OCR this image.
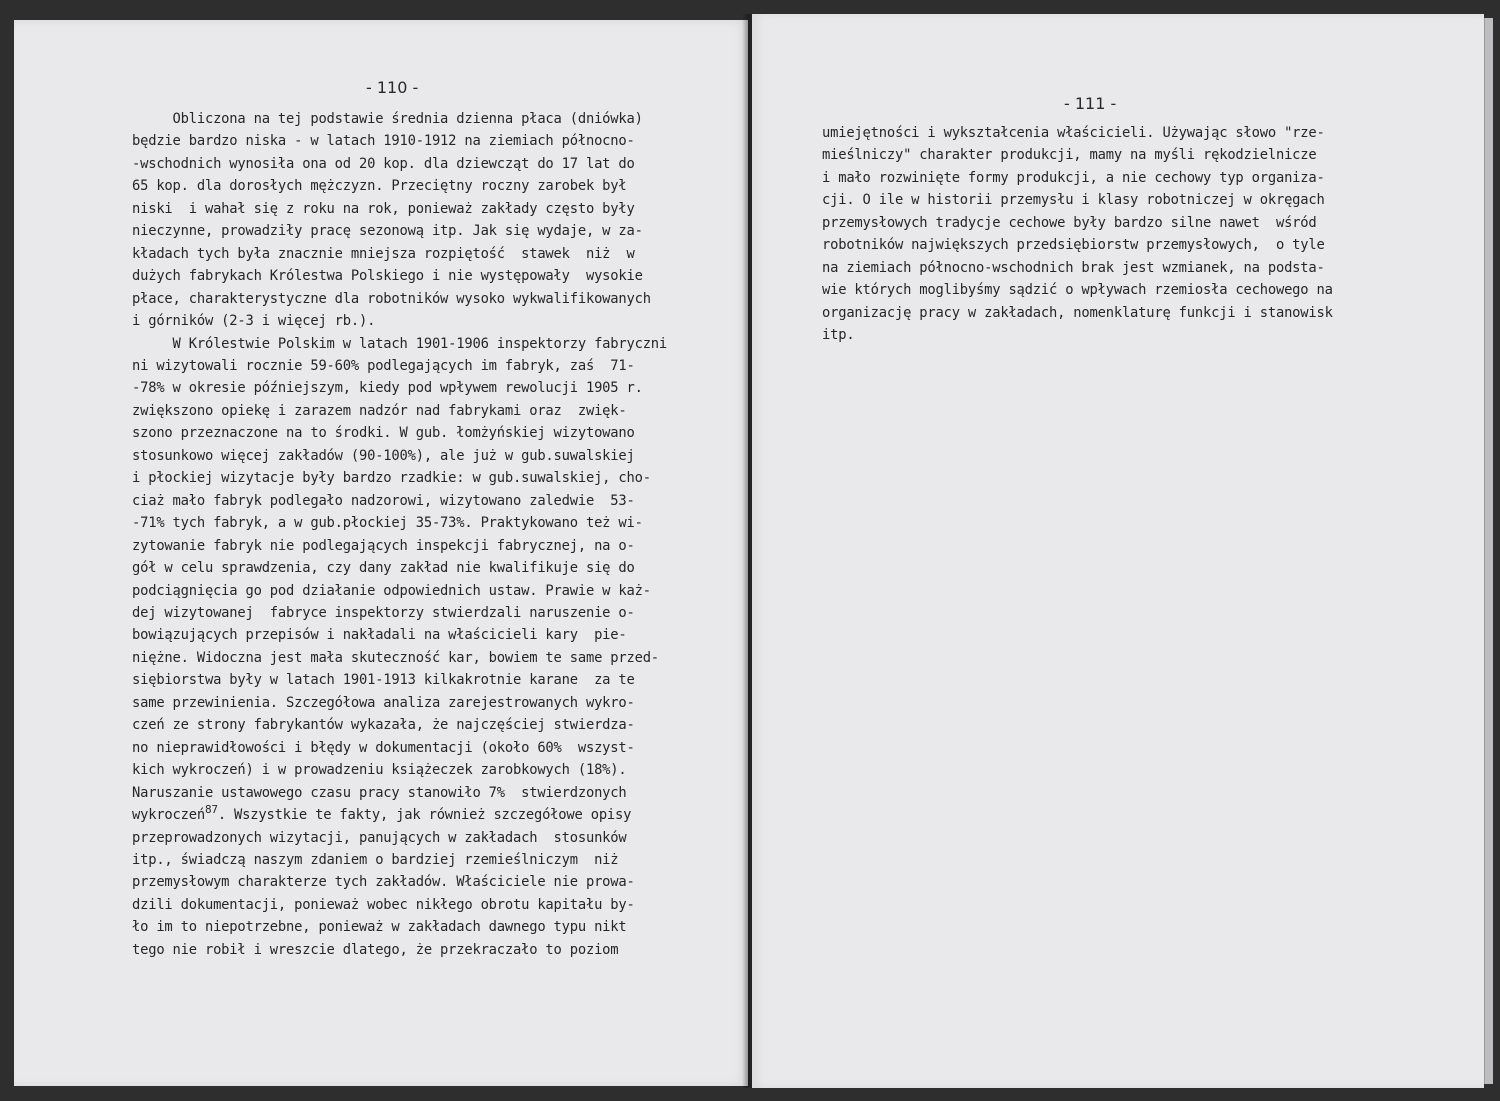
- 110 -
Obliczona na tej podstawie średnia dzienna płaca (dniówka)
będzie bardzo niska - w latach 1910-1912 na ziemiach północno-
-wschodnich wynosiła ona od 20 kop. dla dziewcząt do 17 lat do
65 kop. dla dorosłych mężczyzn. Przeciętny roczny zarobek był
niski  i wahał się z roku na rok, ponieważ zakłady często były
nieczynne, prowadziły pracę sezonową itp. Jak się wydaje, w za-
kładach tych była znacznie mniejsza rozpiętość  stawek  niż  w
dużych fabrykach Królestwa Polskiego i nie występowały  wysokie
płace, charakterystyczne dla robotników wysoko wykwalifikowanych
i górników (2-3 i więcej rb.).
W Królestwie Polskim w latach 1901-1906 inspektorzy fabryczni
ni wizytowali rocznie 59-60% podlegających im fabryk, zaś  71-
-78% w okresie późniejszym, kiedy pod wpływem rewolucji 1905 r.
zwiększono opiekę i zarazem nadzór nad fabrykami oraz  zwięk-
szono przeznaczone na to środki. W gub. łomżyńskiej wizytowano
stosunkowo więcej zakładów (90-100%), ale już w gub.suwalskiej
i płockiej wizytacje były bardzo rzadkie: w gub.suwalskiej, cho-
ciaż mało fabryk podlegało nadzorowi, wizytowano zaledwie  53-
-71% tych fabryk, a w gub.płockiej 35-73%. Praktykowano też wi-
zytowanie fabryk nie podlegających inspekcji fabrycznej, na o-
gół w celu sprawdzenia, czy dany zakład nie kwalifikuje się do
podciągnięcia go pod działanie odpowiednich ustaw. Prawie w każ-
dej wizytowanej  fabryce inspektorzy stwierdzali naruszenie o-
bowiązujących przepisów i nakładali na właścicieli kary  pie-
niężne. Widoczna jest mała skuteczność kar, bowiem te same przed-
siębiorstwa były w latach 1901-1913 kilkakrotnie karane  za te
same przewinienia. Szczegółowa analiza zarejestrowanych wykro-
czeń ze strony fabrykantów wykazała, że najczęściej stwierdza-
no nieprawidłowości i błędy w dokumentacji (około 60%  wszyst-
kich wykroczeń) i w prowadzeniu książeczek zarobkowych (18%).
Naruszanie ustawowego czasu pracy stanowiło 7%  stwierdzonych
wykroczeń$^{87}$. Wszystkie te fakty, jak również szczegółowe opisy
przeprowadzonych wizytacji, panujących w zakładach  stosunków
itp., świadczą naszym zdaniem o bardziej rzemieślniczym  niż
przemysłowym charakterze tych zakładów. Właściciele nie prowa-
dzili dokumentacji, ponieważ wobec nikłego obrotu kapitału by-
ło im to niepotrzebne, ponieważ w zakładach dawnego typu nikt
tego nie robił i wreszcie dlatego, że przekraczało to poziom
- 111 -
umiejętności i wykształcenia właścicieli. Używając słowo "rze-
mieślniczy" charakter produkcji, mamy na myśli rękodzielnicze
i mało rozwinięte formy produkcji, a nie cechowy typ organiza-
cji. O ile w historii przemysłu i klasy robotniczej w okręgach
przemysłowych tradycje cechowe były bardzo silne nawet  wśród
robotników największych przedsiębiorstw przemysłowych,  o tyle
na ziemiach północno-wschodnich brak jest wzmianek, na podsta-
wie których moglibyśmy sądzić o wpływach rzemiosła cechowego na
organizację pracy w zakładach, nomenklaturę funkcji i stanowisk
itp.
